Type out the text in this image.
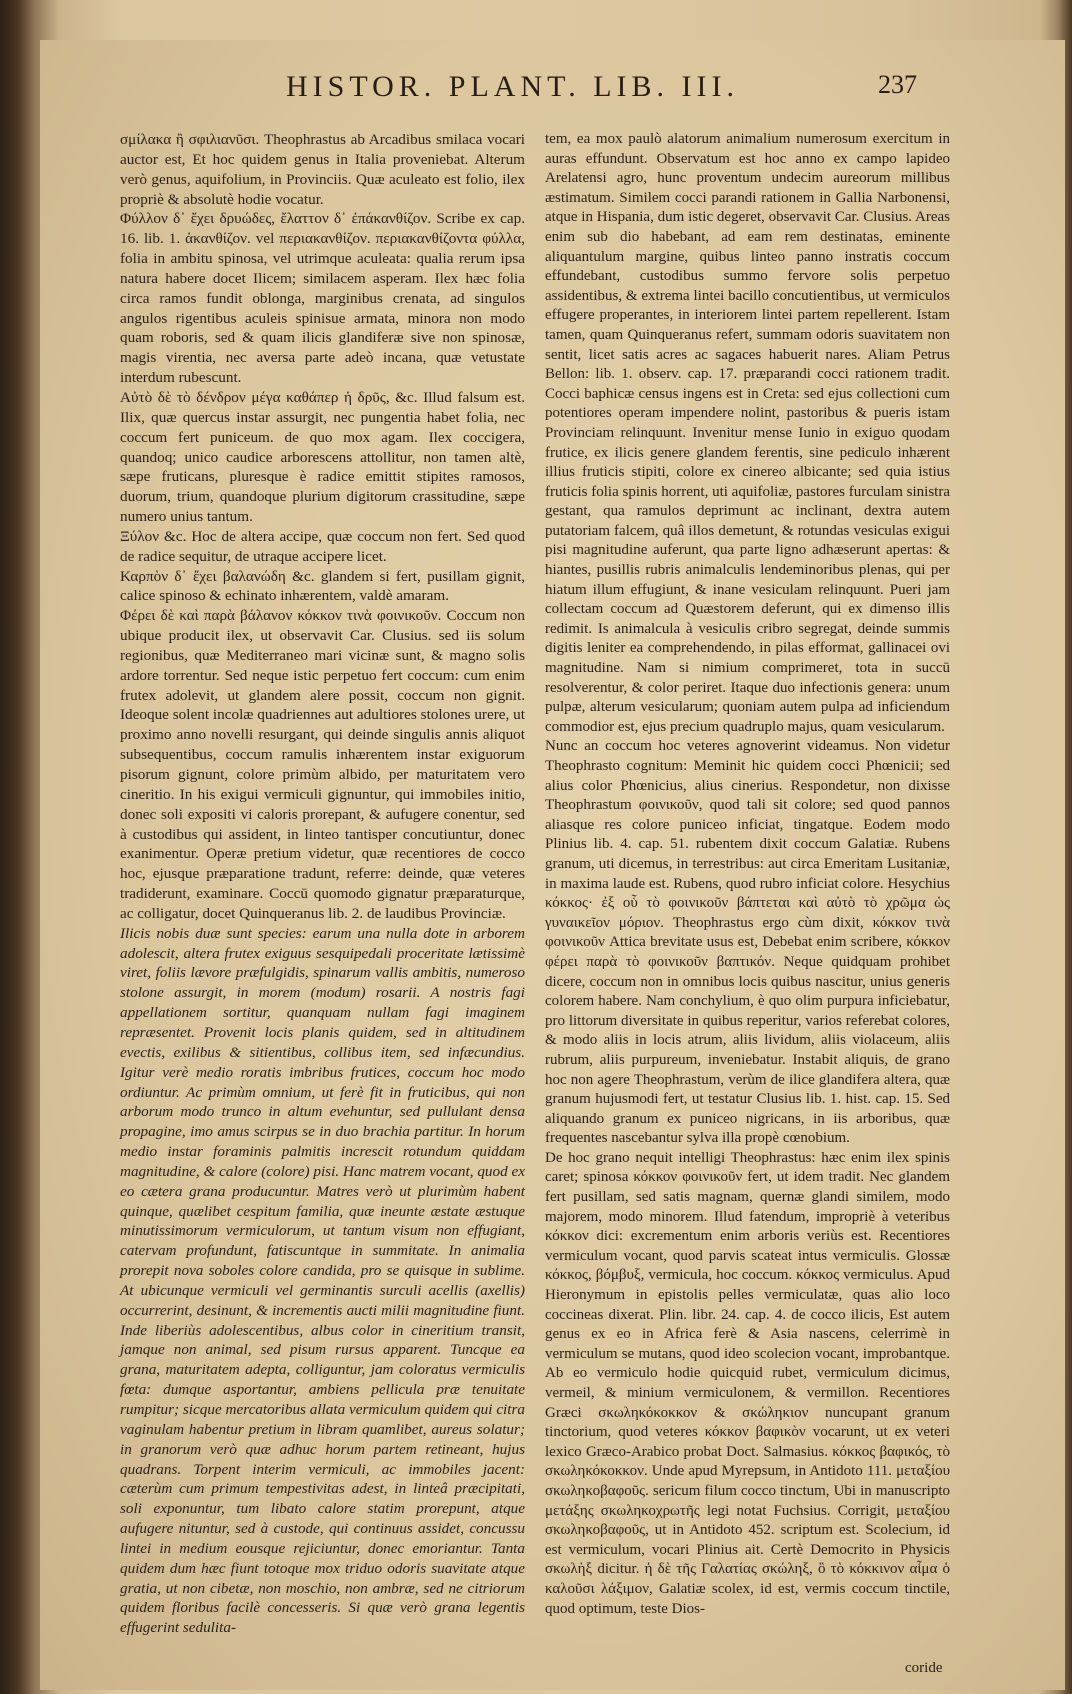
HISTOR. PLANT. LIB. III.	237

σμίλακα ἢ σφιλιανῦσι. Theophrastus ab Arcadibus smilaca vocari auctor est, Et hoc quidem genus in Italia proveniebat. Alterum verò genus, aquifolium, in Provinciis. Quæ aculeato est folio, ilex propriè & absolutè hodie vocatur.

Φύλλον δ᾽ ἔχει δρυώδες, ἔλαττον δ᾽ ἐπάκανθίζον. Scribe ex cap. 16. lib. 1. ἀκανθίζον. vel περιακανθίζον. περιακανθίζοντα φύλλα, folia in ambitu spinosa, vel utrimque aculeata: qualia rerum ipsa natura habere docet Ilicem; similacem asperam. Ilex hæc folia circa ramos fundit oblonga, marginibus crenata, ad singulos angulos rigentibus aculeis spinisue armata, minora non modo quam roboris, sed & quam ilicis glandiferæ sive non spinosæ, magis virentia, nec aversa parte adeò incana, quæ vetustate interdum rubescunt.

Αὐτὸ δὲ τὸ δένδρον μέγα καθάπερ ἡ δρῦς, &c. Illud falsum est. Ilix, quæ quercus instar assurgit, nec pungentia habet folia, nec coccum fert puniceum. de quo mox agam. Ilex coccigera, quandoq; unico caudice arborescens attollitur, non tamen altè, sæpe fruticans, pluresque è radice emittit stipites ramosos, duorum, trium, quandoque plurium digitorum crassitudine, sæpe numero unius tantum.

Ξύλον &c. Hoc de altera accipe, quæ coccum non fert. Sed quod de radice sequitur, de utraque accipere licet.

Καρπὸν δ᾽ ἔχει βαλανώδη &c. glandem si fert, pusillam gignit, calice spinoso & echinato inhærentem, valdè amaram.

Φέρει δὲ καὶ παρὰ βάλανον κόκκον τινὰ φοινικοῦν. Coccum non ubique producit ilex, ut observavit Car. Clusius. sed iis solum regionibus, quæ Mediterraneo mari vicinæ sunt, & magno solis ardore torrentur. Sed neque istic perpetuo fert coccum: cum enim frutex adolevit, ut glandem alere possit, coccum non gignit. Ideoque solent incolæ quadriennes aut adultiores stolones urere, ut proximo anno novelli resurgant, qui deinde singulis annis aliquot subsequentibus, coccum ramulis inhærentem instar exiguorum pisorum gignunt, colore primùm albido, per maturitatem vero cineritio. In his exigui vermiculi gignuntur, qui immobiles initio, donec soli expositi vi caloris prorepant, & aufugere conentur, sed à custodibus qui assident, in linteo tantisper concutiuntur, donec exanimentur. Operæ pretium videtur, quæ recentiores de cocco hoc, ejusque præparatione tradunt, referre: deinde, quæ veteres tradiderunt, examinare. Coccū quomodo gignatur præparaturque, ac colligatur, docet Quinqueranus lib. 2. de laudibus Provinciæ.

Ilicis nobis duæ sunt species: earum una nulla dote in arborem adolescit, altera frutex exiguus sesquipedali proceritate lætissimè viret, foliis lævore præfulgidis, spinarum vallis ambitis, numeroso stolone assurgit, in morem (modum) rosarii. A nostris fagi appellationem sortitur, quanquam nullam fagi imaginem repræsentet. Provenit locis planis quidem, sed in altitudinem evectis, exilibus & sitientibus, collibus item, sed infæcundius. Igitur verè medio roratis imbribus frutices, coccum hoc modo ordiuntur. Ac primùm omnium, ut ferè fit in fruticibus, qui non arborum modo trunco in altum evehuntur, sed pullulant densa propagine, imo amus scirpus se in duo brachia partitur. In horum medio instar foraminis palmitis increscit rotundum quiddam magnitudine, & calore (colore) pisi. Hanc matrem vocant, quod ex eo cætera grana producuntur. Matres verò ut plurimùm habent quinque, quælibet cespitum familia, quæ ineunte æstate æstuque minutissimorum vermiculorum, ut tantum visum non effugiant, catervam profundunt, fatiscuntque in summitate. In animalia prorepit nova soboles colore candida, pro se quisque in sublime. At ubicunque vermiculi vel germinantis surculi acellis (axellis) occurrerint, desinunt, & incrementis aucti milii magnitudine fiunt. Inde liberiùs adolescentibus, albus color in cineritium transit, jamque non animal, sed pisum rursus apparent. Tuncque ea grana, maturitatem adepta, colliguntur, jam coloratus vermiculis fœta: dumque asportantur, ambiens pellicula præ tenuitate rumpitur; sicque mercatoribus allata vermiculum quidem qui citra vaginulam habentur pretium in libram quamlibet, aureus solatur; in granorum verò quæ adhuc horum partem retineant, hujus quadrans. Torpent interim vermiculi, ac immobiles jacent: cæterùm cum primum tempestivitas adest, in linteâ præcipitati, soli exponuntur, tum libato calore statim prorepunt, atque aufugere nituntur, sed à custode, qui continuus assidet, concussu lintei in medium eousque rejiciuntur, donec emoriantur. Tanta quidem dum hæc fiunt totoque mox triduo odoris suavitate atque gratia, ut non cibetæ, non moschio, non ambræ, sed ne citriorum quidem floribus facilè concesseris. Si quæ verò grana legentis effugerint sedulita-

tem, ea mox paulò alatorum animalium numerosum exercitum in auras effundunt. Observatum est hoc anno ex campo lapideo Arelatensi agro, hunc proventum undecim aureorum millibus æstimatum. Similem cocci parandi rationem in Gallia Narbonensi, atque in Hispania, dum istic degeret, observavit Car. Clusius. Areas enim sub dio habebant, ad eam rem destinatas, eminente aliquantulum margine, quibus linteo panno instratis coccum effundebant, custodibus summo fervore solis perpetuo assidentibus, & extrema lintei bacillo concutientibus, ut vermiculos effugere properantes, in interiorem lintei partem repellerent. Istam tamen, quam Quinqueranus refert, summam odoris suavitatem non sentit, licet satis acres ac sagaces habuerit nares. Aliam Petrus Bellon: lib. 1. observ. cap. 17. præparandi cocci rationem tradit. Cocci baphicæ census ingens est in Creta: sed ejus collectioni cum potentiores operam impendere nolint, pastoribus & pueris istam Provinciam relinquunt. Invenitur mense Iunio in exiguo quodam frutice, ex ilicis genere glandem ferentis, sine pediculo inhærent illius fruticis stipiti, colore ex cinereo albicante; sed quia istius fruticis folia spinis horrent, uti aquifoliæ, pastores furculam sinistra gestant, qua ramulos deprimunt ac inclinant, dextra autem putatoriam falcem, quâ illos demetunt, & rotundas vesiculas exigui pisi magnitudine auferunt, qua parte ligno adhæserunt apertas: & hiantes, pusillis rubris animalculis lendeminoribus plenas, qui per hiatum illum effugiunt, & inane vesiculam relinquunt. Pueri jam collectam coccum ad Quæstorem deferunt, qui ex dimenso illis redimit. Is animalcula à vesiculis cribro segregat, deinde summis digitis leniter ea comprehendendo, in pilas efformat, gallinacei ovi magnitudine. Nam si nimium comprimeret, tota in succū resolverentur, & color periret. Itaque duo infectionis genera: unum pulpæ, alterum vesicularum; quoniam autem pulpa ad inficiendum commodior est, ejus precium quadruplo majus, quam vesicularum.

Nunc an coccum hoc veteres agnoverint videamus. Non videtur Theophrasto cognitum: Meminit hic quidem cocci Phœnicii; sed alius color Phœnicius, alius cinerius. Respondetur, non dixisse Theophrastum φοινικοῦν, quod tali sit colore; sed quod pannos aliasque res colore puniceo inficiat, tingatque. Eodem modo Plinius lib. 4. cap. 51. rubentem dixit coccum Galatiæ. Rubens granum, uti dicemus, in terrestribus: aut circa Emeritam Lusitaniæ, in maxima laude est. Rubens, quod rubro inficiat colore. Hesychius κόκκος· ἐξ οὗ τὸ φοινικοῦν βάπτεται καὶ αὐτὸ τὸ χρῶμα ὡς γυναικεῖον μόριον. Theophrastus ergo cùm dixit, κόκκον τινὰ φοινικοῦν Attica brevitate usus est, Debebat enim scribere, κόκκον φέρει παρὰ τὸ φοινικοῦν βαπτικόν. Neque quidquam prohibet dicere, coccum non in omnibus locis quibus nascitur, unius generis colorem habere. Nam conchylium, è quo olim purpura inficiebatur, pro littorum diversitate in quibus reperitur, varios referebat colores, & modo aliis in locis atrum, aliis lividum, aliis violaceum, aliis rubrum, aliis purpureum, inveniebatur. Instabit aliquis, de grano hoc non agere Theophrastum, verùm de ilice glandifera altera, quæ granum hujusmodi fert, ut testatur Clusius lib. 1. hist. cap. 15. Sed aliquando granum ex puniceo nigricans, in iis arboribus, quæ frequentes nascebantur sylva illa propè cœnobium.

De hoc grano nequit intelligi Theophrastus: hæc enim ilex spinis caret; spinosa κόκκον φοινικοῦν fert, ut idem tradit. Nec glandem fert pusillam, sed satis magnam, quernæ glandi similem, modo majorem, modo minorem. Illud fatendum, impropriè à veteribus κόκκον dici: excrementum enim arboris veriùs est. Recentiores vermiculum vocant, quod parvis scateat intus vermiculis. Glossæ κόκκος, βόμβυξ, vermicula, hoc coccum. κόκκος vermiculus. Apud Hieronymum in epistolis pelles vermiculatæ, quas alio loco coccineas dixerat. Plin. libr. 24. cap. 4. de cocco ilicis, Est autem genus ex eo in Africa ferè & Asia nascens, celerrimè in vermiculum se mutans, quod ideo scolecion vocant, improbantque. Ab eo vermiculo hodie quicquid rubet, vermiculum dicimus, vermeil, & minium vermiculonem, & vermillon. Recentiores Græci σκωληκόκοκκον & σκώληκιον nuncupant granum tinctorium, quod veteres κόκκον βαφικὸν vocarunt, ut ex veteri lexico Græco-Arabico probat Doct. Salmasius. κόκκος βαφικός, τὸ σκωληκόκοκκον. Unde apud Myrepsum, in Antidoto 111. μεταξίου σκωληκοβαφοῦς. sericum filum cocco tinctum, Ubi in manuscripto μετάξης σκωληκοχρωτῆς legi notat Fuchsius. Corrigit, μεταξίου σκωληκοβαφοῦς, ut in Antidoto 452. scriptum est. Scolecium, id est vermiculum, vocari Plinius ait. Certè Democrito in Physicis σκωλὴξ dicitur. ἡ δὲ τῆς Γαλατίας σκώληξ, ὃ τὸ κόκκινον αἷμα ὁ καλοῦσι λάξιμον, Galatiæ scolex, id est, vermis coccum tinctile, quod optimum, teste Dios-

coride
